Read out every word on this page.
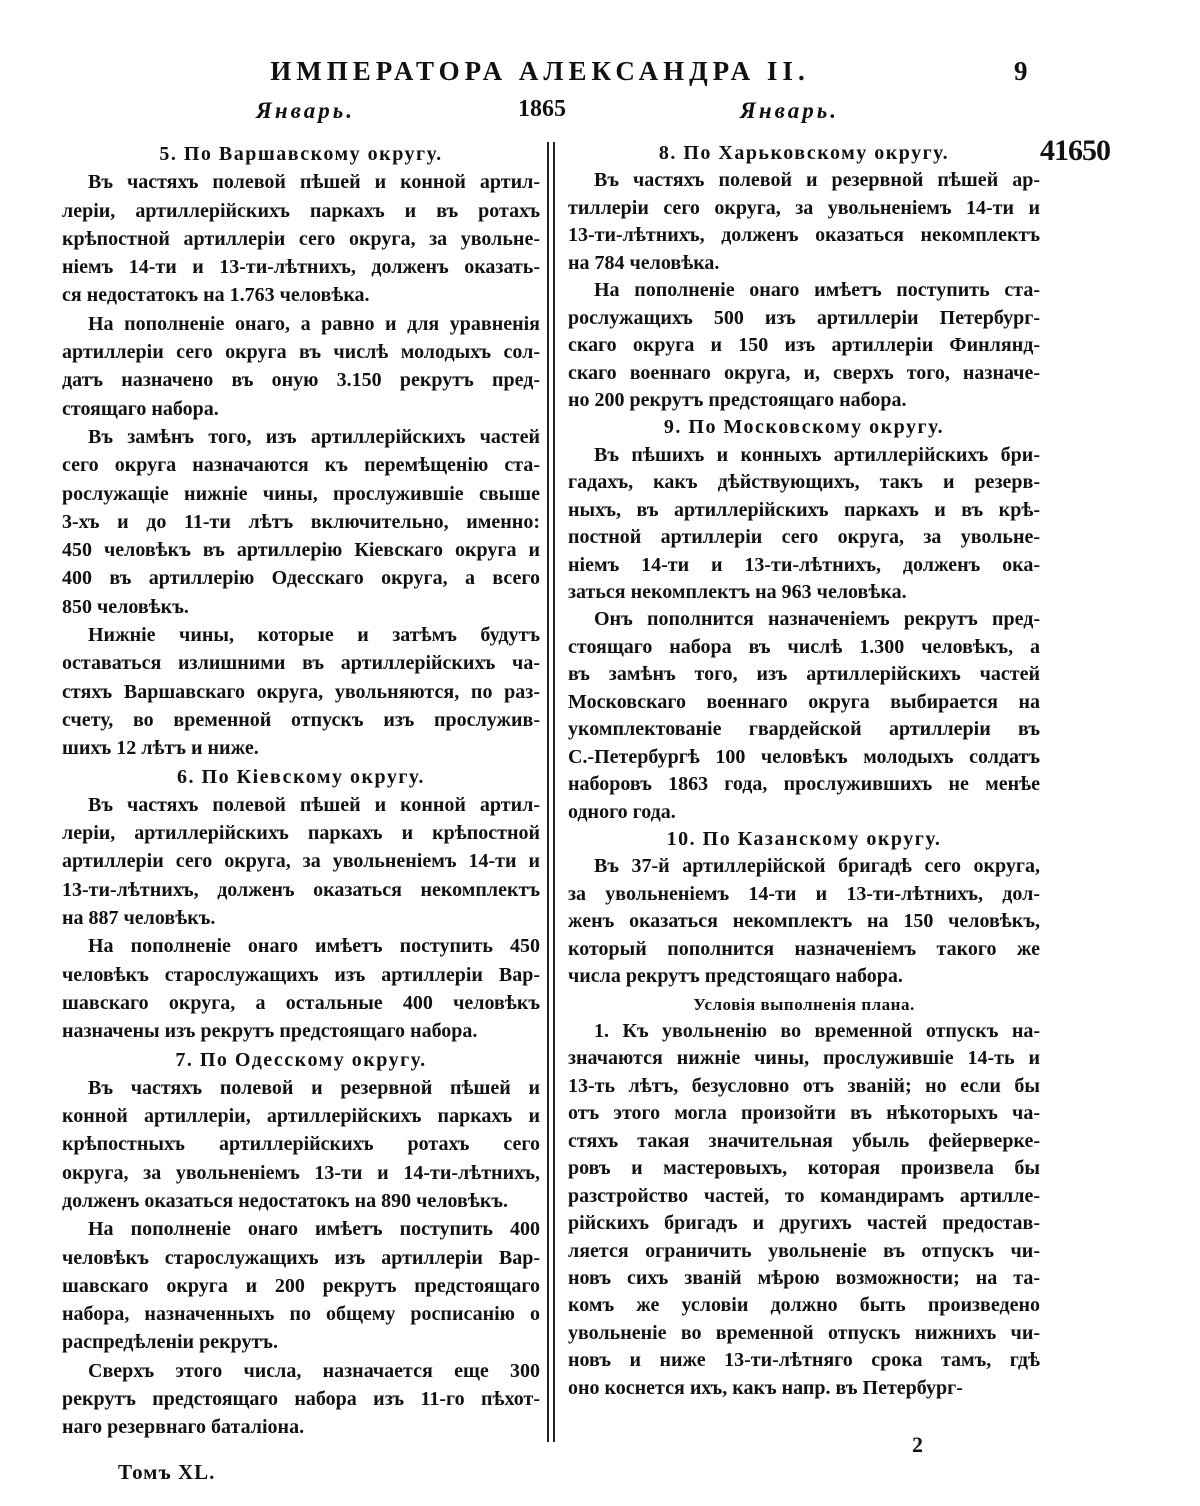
ИМПЕРАТОРА АЛЕКСАНДРА II.	9
Январь.	1865	Январь.
41650
5. По Варшавскому округу.
Въ частяхъ полевой пѣшей и конной артил-
леріи, артиллерійскихъ паркахъ и въ ротахъ
крѣпостной артиллеріи сего округа, за увольне-
ніемъ 14-ти и 13-ти-лѣтнихъ, долженъ оказать-
ся недостатокъ на 1.763 человѣка.
На пополненіе онаго, а равно и для уравненія
артиллеріи сего округа въ числѣ молодыхъ сол-
датъ назначено въ оную 3.150 рекрутъ пред-
стоящаго набора.
Въ замѣнъ того, изъ артиллерійскихъ частей
сего округа назначаются къ перемѣщенію ста-
рослужащіе нижніе чины, прослужившіе свыше
3-хъ и до 11-ти лѣтъ включительно, именно:
450 человѣкъ въ артиллерію Кіевскаго округа и
400 въ артиллерію Одесскаго округа, а всего
850 человѣкъ.
Нижніе чины, которые и затѣмъ будутъ
оставаться излишними въ артиллерійскихъ ча-
стяхъ Варшавскаго округа, увольняются, по раз-
счету, во временной отпускъ изъ прослужив-
шихъ 12 лѣтъ и ниже.
6. По Кіевскому округу.
Въ частяхъ полевой пѣшей и конной артил-
леріи, артиллерійскихъ паркахъ и крѣпостной
артиллеріи сего округа, за увольненіемъ 14-ти и
13-ти-лѣтнихъ, долженъ оказаться некомплектъ
на 887 человѣкъ.
На пополненіе онаго имѣетъ поступить 450
человѣкъ старослужащихъ изъ артиллеріи Вар-
шавскаго округа, а остальные 400 человѣкъ
назначены изъ рекрутъ предстоящаго набора.
7. По Одесскому округу.
Въ частяхъ полевой и резервной пѣшей и
конной артиллеріи, артиллерійскихъ паркахъ и
крѣпостныхъ артиллерійскихъ ротахъ сего
округа, за увольненіемъ 13-ти и 14-ти-лѣтнихъ,
долженъ оказаться недостатокъ на 890 человѣкъ.
На пополненіе онаго имѣетъ поступить 400
человѣкъ старослужащихъ изъ артиллеріи Вар-
шавскаго округа и 200 рекрутъ предстоящаго
набора, назначенныхъ по общему росписанію о
распредѣленіи рекрутъ.
Сверхъ этого числа, назначается еще 300
рекрутъ предстоящаго набора изъ 11-го пѣхот-
наго резервнаго баталіона.
8. По Харьковскому округу.
Въ частяхъ полевой и резервной пѣшей ар-
тиллеріи сего округа, за увольненіемъ 14-ти и
13-ти-лѣтнихъ, долженъ оказаться некомплектъ
на 784 человѣка.
На пополненіе онаго имѣетъ поступить ста-
рослужащихъ 500 изъ артиллеріи Петербург-
скаго округа и 150 изъ артиллеріи Финлянд-
скаго военнаго округа, и, сверхъ того, назначе-
но 200 рекрутъ предстоящаго набора.
9. По Московскому округу.
Въ пѣшихъ и конныхъ артиллерійскихъ бри-
гадахъ, какъ дѣйствующихъ, такъ и резерв-
ныхъ, въ артиллерійскихъ паркахъ и въ крѣ-
постной артиллеріи сего округа, за увольне-
ніемъ 14-ти и 13-ти-лѣтнихъ, долженъ ока-
заться некомплектъ на 963 человѣка.
Онъ пополнится назначеніемъ рекрутъ пред-
стоящаго набора въ числѣ 1.300 человѣкъ, а
въ замѣнъ того, изъ артиллерійскихъ частей
Московскаго военнаго округа выбирается на
укомплектованіе гвардейской артиллеріи въ
С.-Петербургѣ 100 человѣкъ молодыхъ солдатъ
наборовъ 1863 года, прослужившихъ не менѣе
одного года.
10. По Казанскому округу.
Въ 37-й артиллерійской бригадѣ сего округа,
за увольненіемъ 14-ти и 13-ти-лѣтнихъ, дол-
женъ оказаться некомплектъ на 150 человѣкъ,
который пополнится назначеніемъ такого же
числа рекрутъ предстоящаго набора.
Условія выполненія плана.
1. Къ увольненію во временной отпускъ на-
значаются нижніе чины, прослужившіе 14-ть и
13-ть лѣтъ, безусловно отъ званій; но если бы
отъ этого могла произойти въ нѣкоторыхъ ча-
стяхъ такая значительная убыль фейерверке-
ровъ и мастеровыхъ, которая произвела бы
разстройство частей, то командирамъ артилле-
рійскихъ бригадъ и другихъ частей предостав-
ляется ограничить увольненіе въ отпускъ чи-
новъ сихъ званій мѣрою возможности; на та-
комъ же условіи должно быть произведено
увольненіе во временной отпускъ нижнихъ чи-
новъ и ниже 13-ти-лѣтняго срока тамъ, гдѣ
оно коснется ихъ, какъ напр. въ Петербург-
Томъ XL.
2
